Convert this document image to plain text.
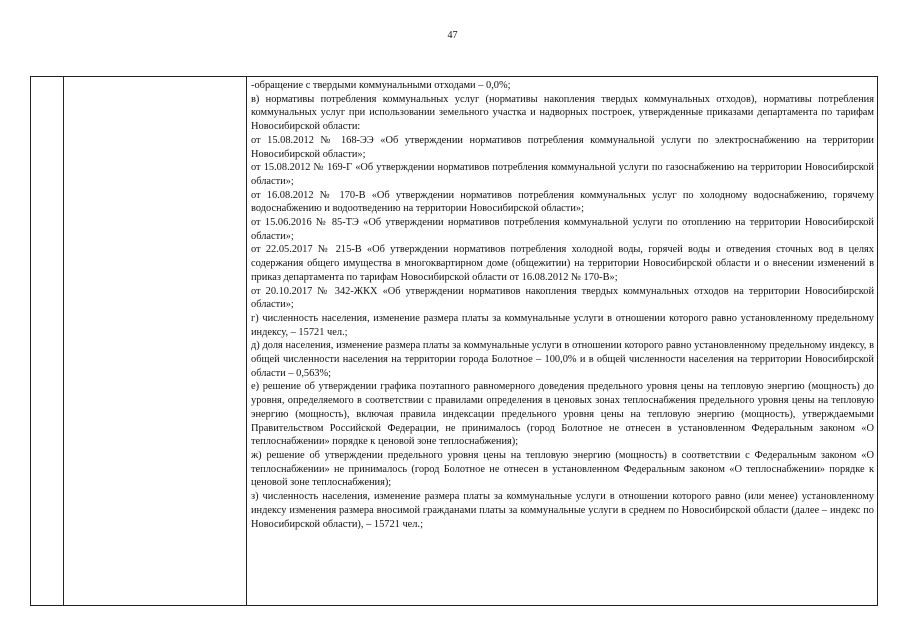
47

-обращение с твердыми коммунальными отходами – 0,0%;

в) нормативы потребления коммунальных услуг (нормативы накопления твердых коммунальных отходов), нормативы потребления коммунальных услуг при использовании земельного участка и надворных построек, утвержденные приказами департамента по тарифам Новосибирской области:

от 15.08.2012 № 168-ЭЭ «Об утверждении нормативов потребления коммунальной услуги по электроснабжению на территории Новосибирской области»;

от 15.08.2012 № 169-Г «Об утверждении нормативов потребления коммунальной услуги по газоснабжению на территории Новосибирской области»;

от 16.08.2012 № 170-В «Об утверждении нормативов потребления коммунальных услуг по холодному водоснабжению, горячему водоснабжению и водоотведению на территории Новосибирской области»;

от 15.06.2016 № 85-ТЭ «Об утверждении нормативов потребления коммунальной услуги по отоплению на территории Новосибирской области»;

от 22.05.2017 № 215-В «Об утверждении нормативов потребления холодной воды, горячей воды и отведения сточных вод в целях содержания общего имущества в многоквартирном доме (общежитии) на территории Новосибирской области и о внесении изменений в приказ департамента по тарифам Новосибирской области от 16.08.2012 № 170-В»;

от 20.10.2017 № 342-ЖКХ «Об утверждении нормативов накопления твердых коммунальных отходов на территории Новосибирской области»;

г) численность населения, изменение размера платы за коммунальные услуги в отношении которого равно установленному предельному индексу, – 15721 чел.;

д) доля населения, изменение размера платы за коммунальные услуги в отношении которого равно установленному предельному индексу, в общей численности населения на территории города Болотное – 100,0% и в общей численности населения на территории Новосибирской области – 0,563%;

е) решение об утверждении графика поэтапного равномерного доведения предельного уровня цены на тепловую энергию (мощность) до уровня, определяемого в соответствии с правилами определения в ценовых зонах теплоснабжения предельного уровня цены на тепловую энергию (мощность), включая правила индексации предельного уровня цены на тепловую энергию (мощность), утверждаемыми Правительством Российской Федерации, не принималось (город Болотное не отнесен в установленном Федеральным законом «О теплоснабжении» порядке к ценовой зоне теплоснабжения);

ж) решение об утверждении предельного уровня цены на тепловую энергию (мощность) в соответствии с Федеральным законом «О теплоснабжении» не принималось (город Болотное не отнесен в установленном Федеральным законом «О теплоснабжении» порядке к ценовой зоне теплоснабжения);

з) численность населения, изменение размера платы за коммунальные услуги в отношении которого равно (или менее) установленному индексу изменения размера вносимой гражданами платы за коммунальные услуги в среднем по Новосибирской области (далее – индекс по Новосибирской области), – 15721 чел.;
